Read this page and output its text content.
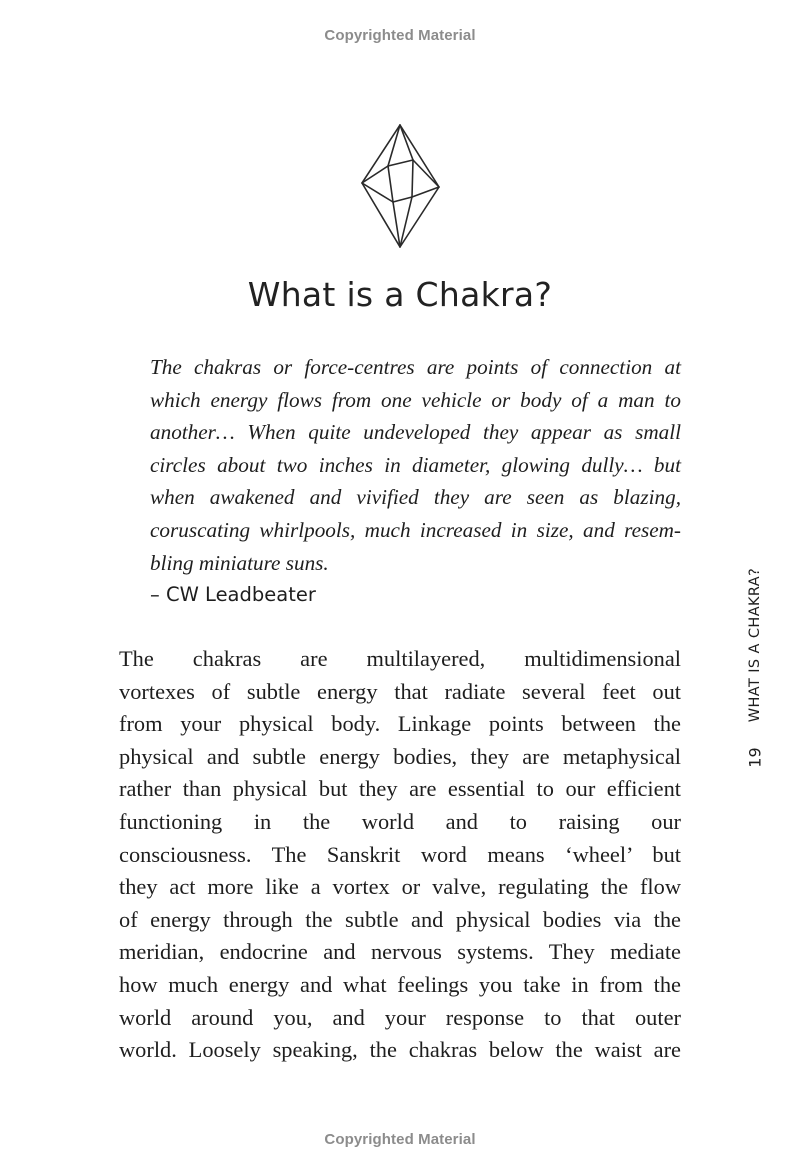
Copyrighted Material
What is a Chakra?
The chakras or force-centres are points of connection at
which energy flows from one vehicle or body of a man to
another… When quite undeveloped they appear as small
circles about two inches in diameter, glowing dully… but
when awakened and vivified they are seen as blazing,
coruscating whirlpools, much increased in size, and resem-
bling miniature suns.
– CW Leadbeater
The chakras are multilayered, multidimensional
vortexes of subtle energy that radiate several feet out
from your physical body. Linkage points between the
physical and subtle energy bodies, they are metaphysical
rather than physical but they are essential to our efficient
functioning in the world and to raising our
consciousness. The Sanskrit word means ‘wheel’ but
they act more like a vortex or valve, regulating the flow
of energy through the subtle and physical bodies via the
meridian, endocrine and nervous systems. They mediate
how much energy and what feelings you take in from the
world around you, and your response to that outer
world. Loosely speaking, the chakras below the waist are
WHAT IS A CHAKRA?
19
Copyrighted Material
